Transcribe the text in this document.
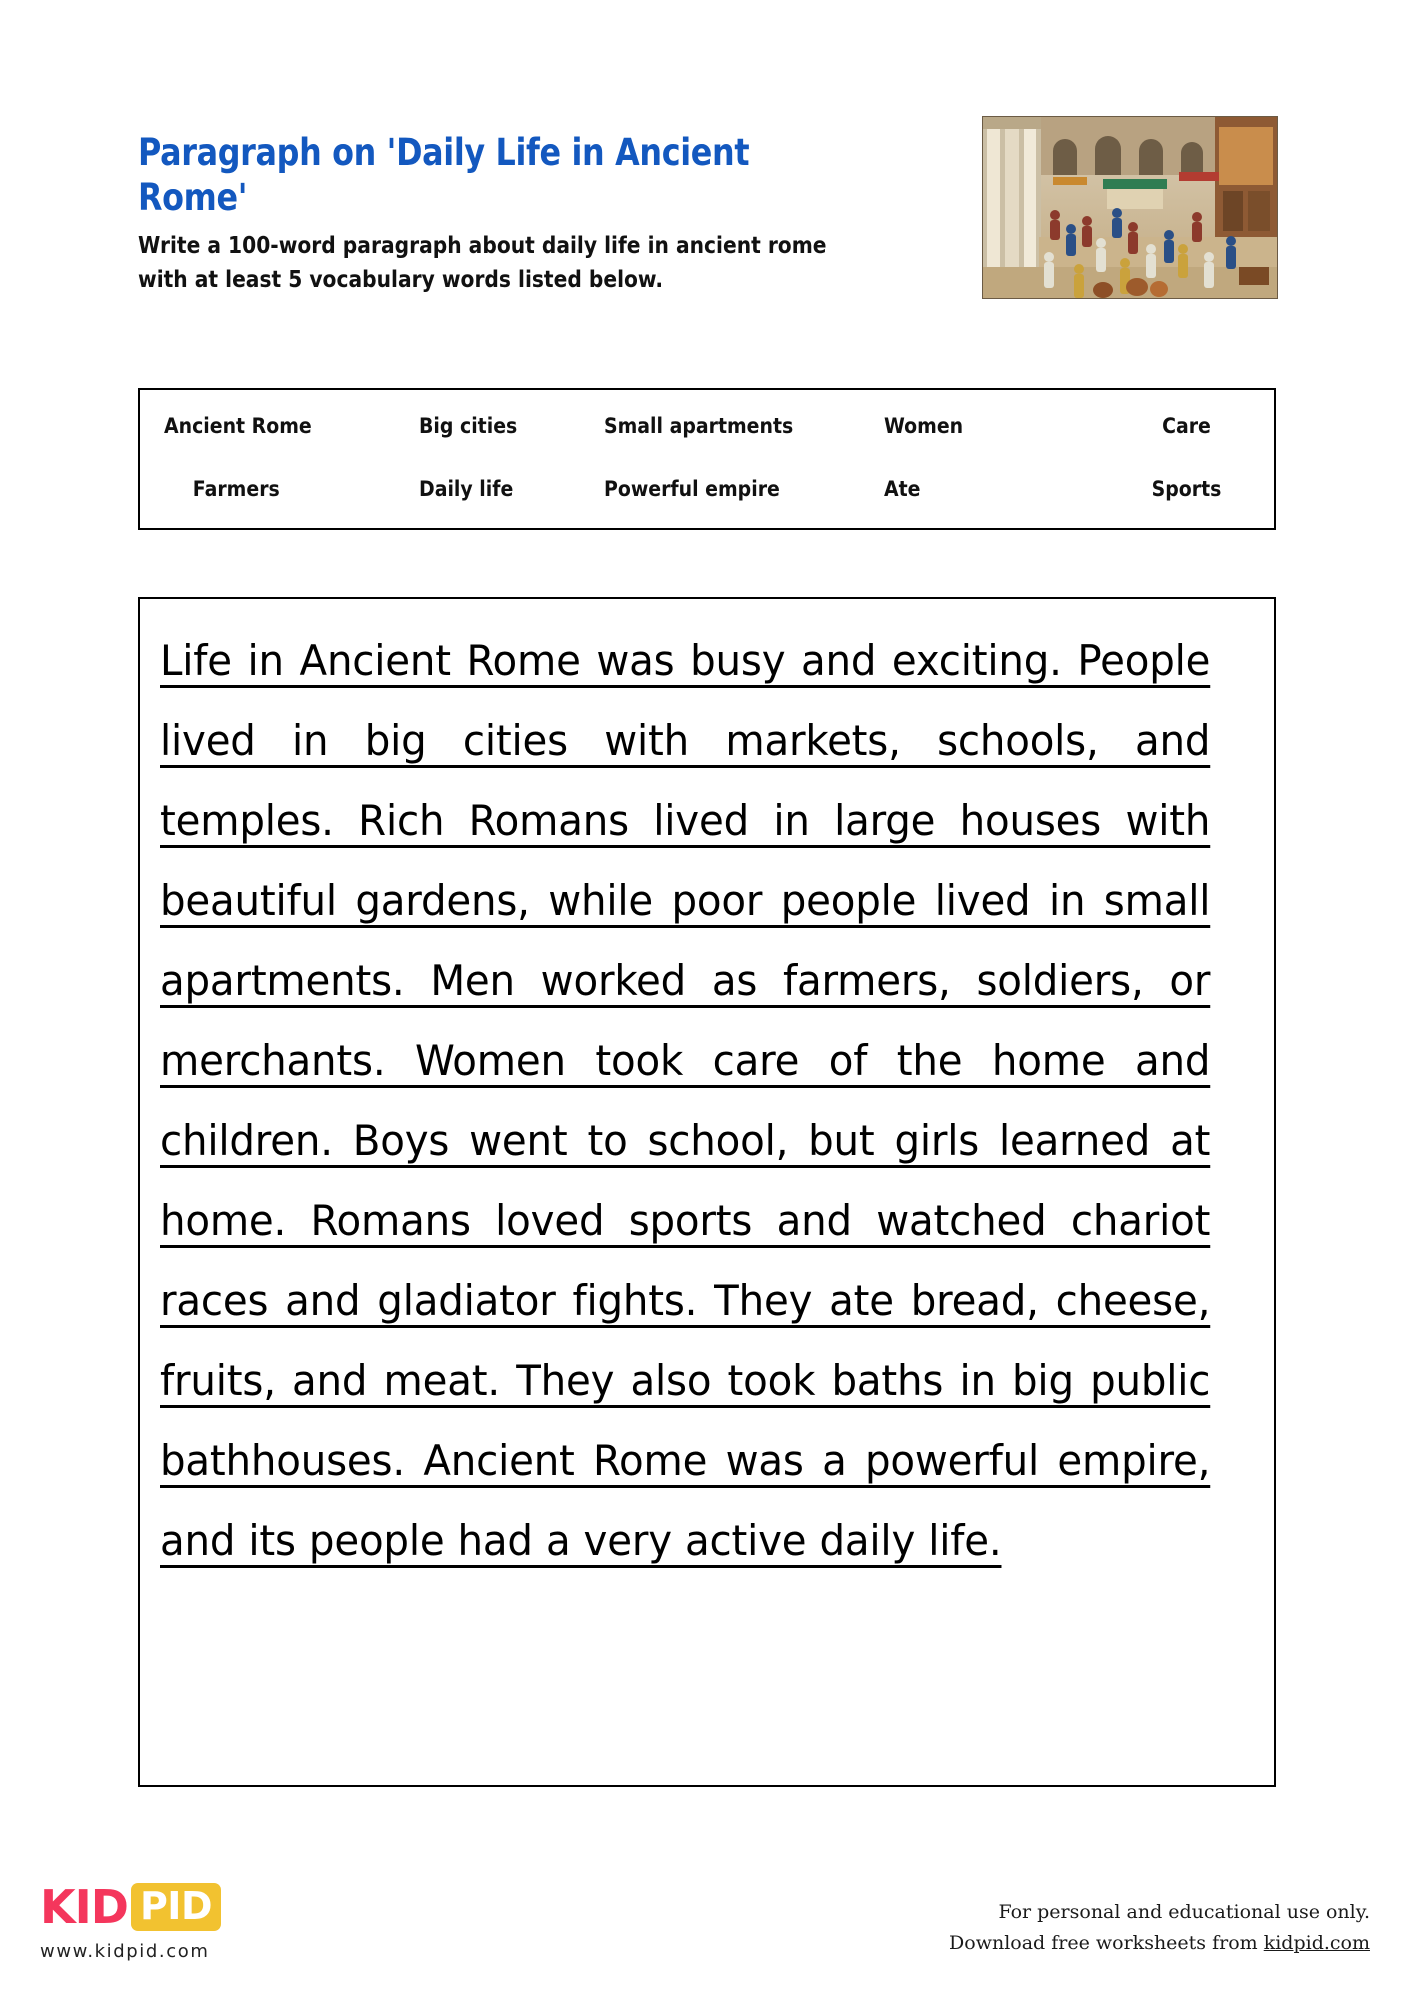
Paragraph on 'Daily Life in Ancient Rome'

Write a 100-word paragraph about daily life in ancient rome with at least 5 vocabulary words listed below.

Ancient Rome	Big cities	Small apartments	Women	Care
Farmers	Daily life	Powerful empire	Ate	Sports

Life in Ancient Rome was busy and exciting. People lived in big cities with markets, schools, and temples. Rich Romans lived in large houses with beautiful gardens, while poor people lived in small apartments. Men worked as farmers, soldiers, or merchants. Women took care of the home and children. Boys went to school, but girls learned at home. Romans loved sports and watched chariot races and gladiator fights. They ate bread, cheese, fruits, and meat. They also took baths in big public bathhouses. Ancient Rome was a powerful empire, and its people had a very active daily life.

KID PID
www.kidpid.com
For personal and educational use only.
Download free worksheets from kidpid.com
